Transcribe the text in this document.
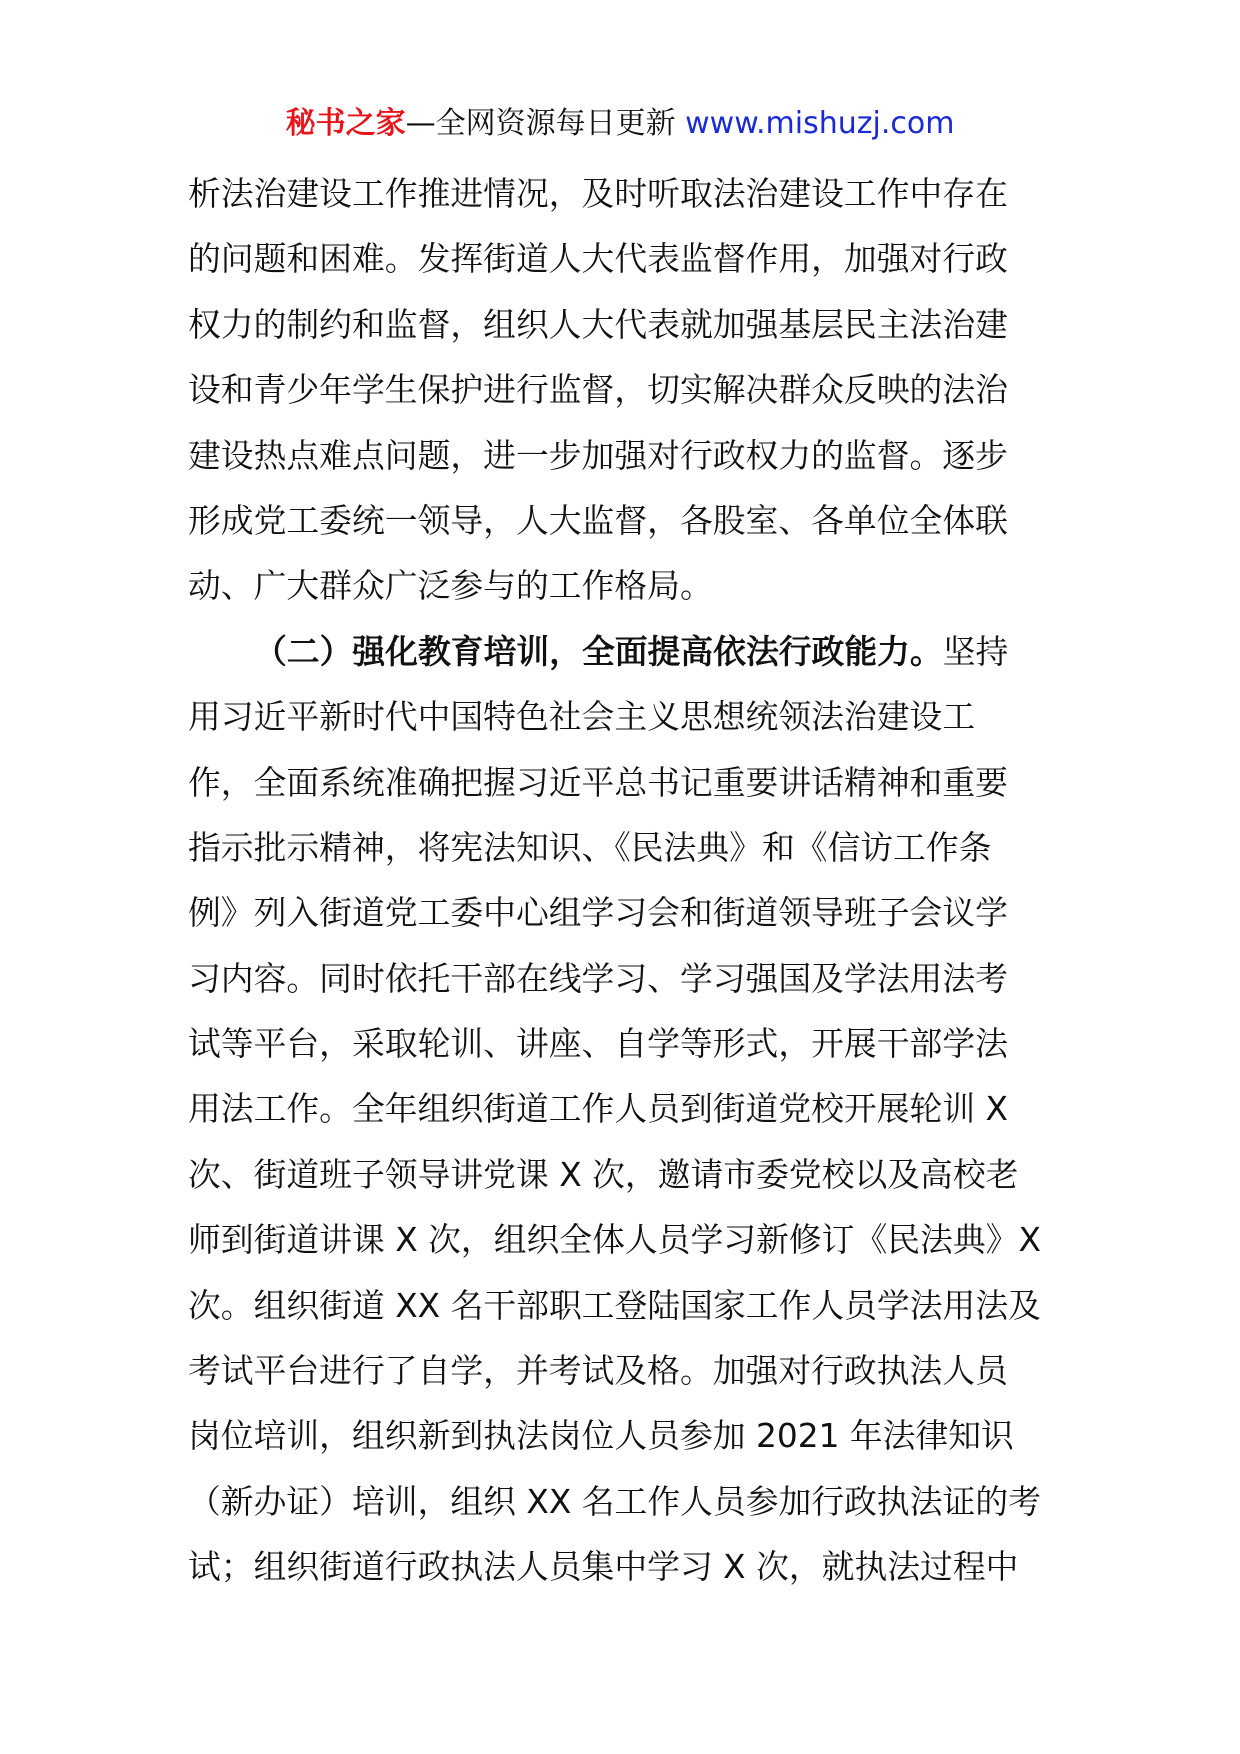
秘书之家—全网资源每日更新 www.mishuzj.com
析法治建设工作推进情况，及时听取法治建设工作中存在
的问题和困难。发挥街道人大代表监督作用，加强对行政
权力的制约和监督，组织人大代表就加强基层民主法治建
设和青少年学生保护进行监督，切实解决群众反映的法治
建设热点难点问题，进一步加强对行政权力的监督。逐步
形成党工委统一领导，人大监督，各股室、各单位全体联
动、广大群众广泛参与的工作格局。
（二）强化教育培训，全面提高依法行政能力。坚持
用习近平新时代中国特色社会主义思想统领法治建设工
作，全面系统准确把握习近平总书记重要讲话精神和重要
指示批示精神，将宪法知识、《民法典》和《信访工作条
例》列入街道党工委中心组学习会和街道领导班子会议学
习内容。同时依托干部在线学习、学习强国及学法用法考
试等平台，采取轮训、讲座、自学等形式，开展干部学法
用法工作。全年组织街道工作人员到街道党校开展轮训 X
次、街道班子领导讲党课 X 次，邀请市委党校以及高校老
师到街道讲课 X 次，组织全体人员学习新修订《民法典》X
次。组织街道 XX 名干部职工登陆国家工作人员学法用法及
考试平台进行了自学，并考试及格。加强对行政执法人员
岗位培训，组织新到执法岗位人员参加 2021 年法律知识
（新办证）培训，组织 XX 名工作人员参加行政执法证的考
试；组织街道行政执法人员集中学习 X 次，就执法过程中
